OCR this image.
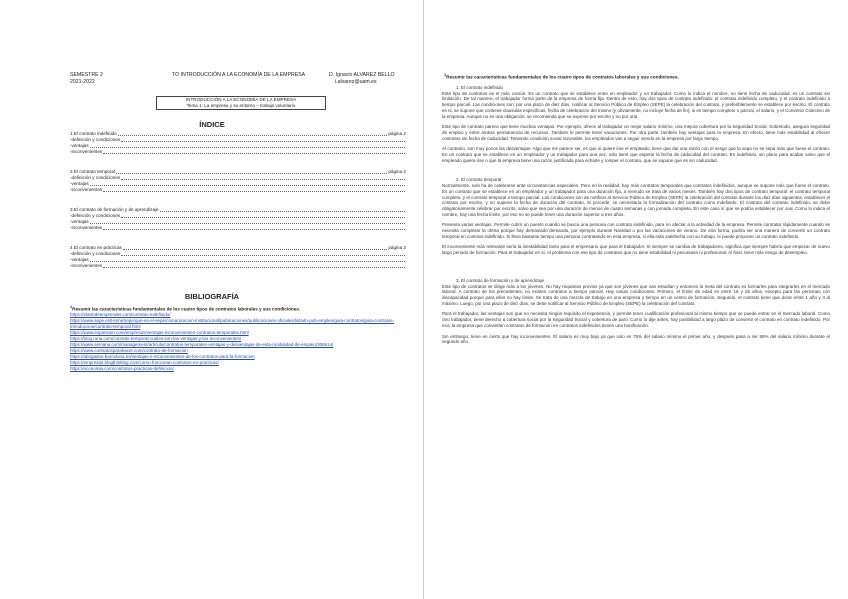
SEMESTRE 2
2021-2022
TO INTRODUCCIÓN A LA ECONOMÍA DE LA EMPRESA	D. Ignacio ALVAREZ BELLO
i.alvarez@uam.es
INTRODUCCIÓN A LA ECONOMÍA DE LA EMPRESA
Tema 1: La empresa y su entorno – trabajo voluntario
ÍNDICE
1.El contrato indefinido	página 2
-definición y condiciones
-ventajas
-inconvenientes
2.El contrato temporal	página 2
-definición y condiciones
-ventajas
-inconvenientes
3.El contrato de formación y de aprendizaje
-definición y condiciones
-ventajas
-inconvenientes
4.El contrato en prácticas	página 3
-definición y condiciones
-ventajas
-inconvenientes
BIBLIOGRAFÍA
$^1$Resumir las características fundamentales de los cuatro tipos de contratos laborales y sus condiciones.
https://elartedeemprender.com/contrato-indefinido/
https://www.sepe.es/HomeSepe/que-es-el-sepe/comunicacion-institucional/publicaciones/publicaciones-oficiales/listado-pub-empleo/guia-contratos/guia-contratos-introduccion/contrato-temporal.html
https://www.expansion.com/empresas/ventajas-inconvenientes-contratos-temporales.html
https://blog.runa.com/contrato-temporal-cuales-son-las-ventajas-y-los-inconvenientes/
https://www.semana.com/management/articulo/contratos-temporales-ventajas-y-desventajas-de-esta-modalidad-de-empleo/306614/
https://www.contratosparahacer.com/contrato-de-formacion
https://abogados-barcelona.es/ventajas-e-inconvenientes-de-los-contratos-para-la-formacion
https://empresas.blogthinkbig.com/como-funcionan-contratos-en-practicas/
https://economia.com/contratos-practicas-definicion/
$^1$Resumir las características fundamentales de los cuatro tipos de contratos laborales y sus condiciones.
1. El contrato indefinido
Este tipo de contratos es el más común. Es un contrato que se establece entre un empleador y un trabajador. Como lo indica el nombre, no tiene fecha de caducidad, es un contrato sin limitación. De tal manera, el trabajador forma parte de la empresa de forma fija. Dentro de esto, hay dos tipos de contrato indefinido: el contrato indefinido completo, y el contrato indefinido a tiempo parcial. Las condiciones son: por una plazo de diez días, notificar al Servicio Público de Empleo (SEPE) la celebración del contrato, y preferiblemente se establece por escrito. El contrato es ni, se supone que contiene clausulas especificas, fecha de celebración del mismo (y obviamente, no incluye fecha de fin), si es tiempo completo o parcial, el salario, y el Convenio Colectivo de la empresa. Aunque no es una obligación, se recomienda que se exprese por escrito y no por oral.
Este tipo de contrato parece que tiene muchas ventajas. Por ejemplo, ofrece al trabajador un mejor salario mínimo, una mejora cobertura por la Seguridad Social. Sobretodo, asegura seguridad de empleo y entre ambas permanencia de recursos. También le permite tener vacaciones. Por otra parte, también hay ventajas para la empresa. En efecto, tiene más estabilidad al ofrecer contratos sin fecha de caducidad. Teniendo condición social razonable, los empleados van a seguir siendo en la empresa por largo tiempo.
Al contrario, son muy pocos las desventajas. Algo que me parece ser, es que si quiere irse el empleado, tiene que dar una razón con el riesgo que la sepa no se sepa más que fuese el contrato. En un contrato que se establece en un empleador y un trabajador para una vez, solo tiene que esperar la fecha de caducidad del contrato. En indefinido, sin plano para acabar salvo que el empleado quiera irse o que la empresa tiene una razón justificada para echarle y romper el contrato, que se supone que es sin caducidad.
2. El contrato temporal
Normalmente, solo ha de celebrarse ante circunstancias especiales. Pero en la realidad, hay más contratos temporales que contratos indefinidos, aunque se supone más que fuese el contrato. Es un contrato que se establece en un empleador y un trabajador para una duración fija, a menudo se trata de varios meses. También hay dos tipos de contrato temporal: el contrato temporal completo, y el contrato temporal a tiempo parcial. Las condiciones son de notificar al Servicio Público de Empleo (SEPE) la celebración del contrato durante los diez días siguientes, establecer el contrato por escrito, y no superar la fecha de duración del contrato. Si procede, se necesitaría la formalización del contrato como indefinido. El contrato del contrato indefinido, se debe obligatoriamente celebrar por escrito, salvo que sea por una duración de menos de cuatro semanas y con jornada completa. En este caso sí que se podría establecer por oral. Como lo indica el nombre, hay una fecha límite, por eso no se puede tener una duración superior a tres años.
Presenta varias ventajas. Permite cubrir un puesto cuando se busca una persona con contrato indefinido, para no afectar a la actividad de la empresa. Permite contratar rápidamente cuando se necesita completar la oferta porque hay demasiado demanda, por ejemplo durante Navidad o por las vacaciones de verano. De otra forma, podría ser una manera de convertir un contrato temporal en contrato indefinido. Si lleva bastante tiempo una persona contratando en esta empresa, si ella está satisfecha con su trabajo, le puede proponer un contrato indefinido.
El inconveniente más relevante sería la inestabilidad tanto para el empresario que para el trabajador. Si siempre se cambia de trabajadores, significa que siempre habría que empezar de nuevo largo periodo de formación. Para el trabajador en sí, el problema con ese tipo de contratos que no tiene estabilidad ni pecuniaria ni profesional. Al final, tiene más riesgo de desempleo.
3. El contrato de formación y de aprendizaje
Este tipo de contratos se dirige más a los jóvenes. No hay requisitos previos ya que son jóvenes que van estudian y entonces la meta del contrato es formarles para integrarles en el mercado laboral. A contrato de los precedentes, no existen contratos a tiempo parcial. Hay varias condiciones. Primero, el límite de edad es entre 16 y 25 años, excepto para las personas con discapacidad porque para ellos no hay límite. Se trata de una mezcla de trabajo en una empresa y tiempo en un centro de formación. Segundo, el contrato tiene que durar entre 1 año y 3 al máximo. Luego, por una plazo de diez días, se debe notificar al Servicio Público de Empleo (SEPE) la celebración del contrato.
Para el trabajador, las ventajas son que no necesita ningún requisito el experiencia, y permite tener cualificación profesional al mismo tiempo que se puede entrar en el mercado laboral. Como otro trabajador, tiene derecho a cobertura social por la Seguridad Social y cobertura de paro. Como lo dije antes, hay posibilidad a largo plazo de convertir el contrato en contrato indefinido. Por eso, la empresa que convierten contratos de formación en contratos indefinidos tienen una bonificación.
Sin embargo, tiene en cierto que hay inconvenientes. El salario es muy bajo ya que solo es 75% del salario mínimo el primer año, y después pasa a ser 85% del salario mínimo durante el segundo año.
